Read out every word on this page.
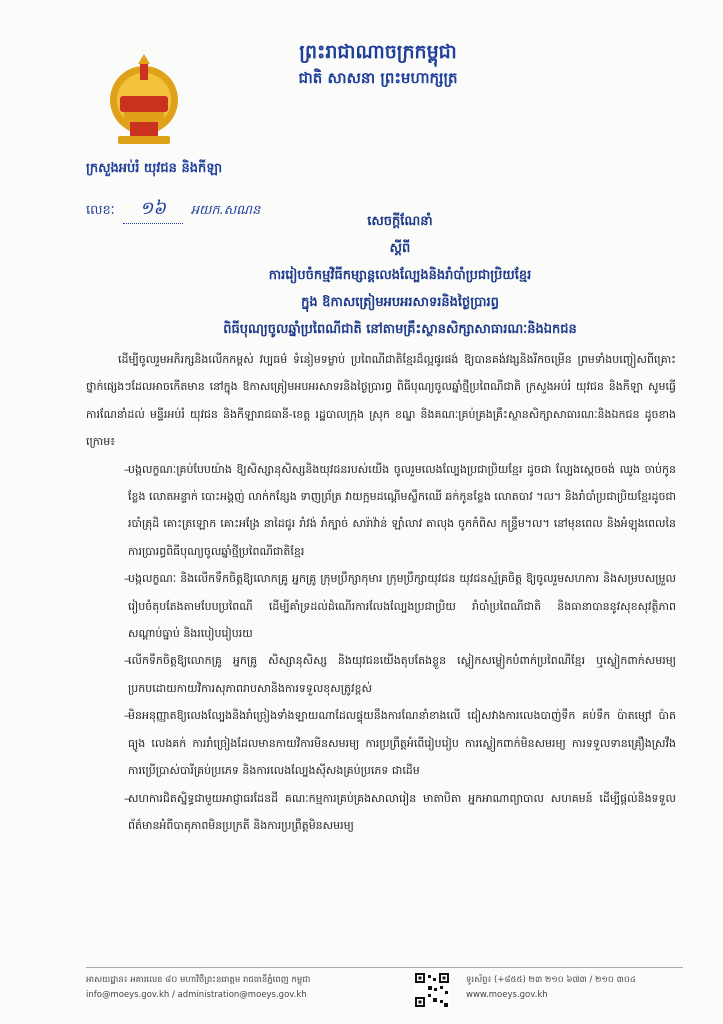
ព្រះរាជាណាចក្រកម្ពុជា
ជាតិ សាសនា ព្រះមហាក្សត្រ
ក្រសួងអប់រំ យុវជន និងកីឡា
លេខៈ	១៦	អយក.សណន
សេចក្ដីណែនាំ
ស្ដីពី
ការរៀបចំកម្មវិធីកម្សាន្តលេងល្បែងនិងរាំបាំប្រជាប្រិយខ្មែរ
ក្នុង ឱកាសត្រៀមអបអរសាទរនិងថ្ងៃប្រារព្ធ
ពិធីបុណ្យចូលឆ្នាំប្រពៃណីជាតិ នៅតាមគ្រឹះស្ថានសិក្សាសាធារណៈនិងឯកជន

ដើម្បីចូលរួមអភិរក្សនិងលើកកម្ពស់ វប្បធម៌ ទំនៀមទម្លាប់ ប្រពៃណីជាតិខ្មែរដ៏ល្អផូរផង់ ឱ្យបានគង់វង្សនិងរីកចម្រើន ព្រមទាំងបញ្ចៀសពីគ្រោះថ្នាក់ផ្សេងៗដែលអាចកើតមាន នៅក្នុង ឱកាសត្រៀមអបអរសាទរនិងថ្ងៃប្រារព្ធ ពិធីបុណ្យចូលឆ្នាំថ្មីប្រពៃណីជាតិ ក្រសួងអប់រំ យុវជន និងកីឡា សូមធ្វើការណែនាំដល់ មន្ទីរអប់រំ យុវជន និងកីឡារាជធានី-ខេត្ត រដ្ឋបាលក្រុង ស្រុក ខណ្ឌ និងគណៈគ្រប់គ្រងគ្រឹះស្ថានសិក្សាសាធារណៈនិងឯកជន ដូចខាងក្រោម៖

–
បង្កលក្ខណៈគ្រប់បែបយ៉ាង ឱ្យសិស្សានុសិស្សនិងយុវជនរបស់យើង ចូលរួមលេងល្បែងប្រជាប្រិយខ្មែរ ដូចជា ល្បែងស្ដេចចង់ ឈូង ចាប់កូនខ្លែង លោតអន្ទាក់ បោះអង្គញ់ លាក់កន្សែង ទាញព្រ័ត្រ វាយក្អមដណ្ដើមស្លឹកឈើ ឆក់កូនខ្លែង លោតបាវ ។ល។ និងរាំបាំប្រជាប្រិយខ្មែរដូចជា របាំត្រុដិ គោះត្រឡោក គោះអង្រែ នាដៃជូរ រាំវង់ រាំក្បាច់ សារ៉ាវ៉ាន់ ឡាំលាវ តាលុង ចូកកំពិស កន្ទ្រឹម។ល។ នៅមុនពេល និងអំឡុងពេលនៃការប្រារព្ធពិធីបុណ្យចូលឆ្នាំថ្មីប្រពៃណីជាតិខ្មែរ
–
បង្កលក្ខណៈ និងលើកទឹកចិត្តឱ្យលោកគ្រូ អ្នកគ្រូ ក្រុមប្រឹក្សាកុមារ ក្រុមប្រឹក្សាយុវជន យុវជនស្ម័គ្រចិត្ត ឱ្យចូលរួមសហការ និងសម្របសម្រួល រៀបចំតុបតែងតាមបែបប្រពៃណី ដើម្បីគាំទ្រដល់ដំណើរការលែងល្បែងប្រជាប្រិយ រាំបាំប្រពៃណីជាតិ និងធានាបាននូវសុខសុវត្ថិភាព សណ្ដាប់ធ្នាប់ និងរបៀបរៀបរយ
–
លើកទឹកចិត្តឱ្យលោកគ្រូ អ្នកគ្រូ សិស្សានុសិស្ស និងយុវជនយើងតុបតែងខ្លួន ស្លៀកសម្លៀកបំពាក់ប្រពៃណីខ្មែរ ឬស្លៀកពាក់សមរម្យ ប្រកបដោយកាយវិការសុភាពរាបសានិងការទទួលខុសត្រូវខ្ពស់
–
មិនអនុញ្ញាតឱ្យលេងល្បែងនិងរាំច្រៀងទាំងឡាយណាដែលផ្ទុយនឹងការណែនាំខាងលើ ជៀសវាងការលេងបាញ់ទឹក គប់ទឹក ប៉ាតម្សៅ ប៉ាតធ្យូង លេងគក់ ការរាំច្រៀងដែលមានកាយវិការមិនសមរម្យ ការប្រព្រឹត្តអំពើរៀបរៀប ការស្លៀកពាក់មិនសមរម្យ ការទទួលទានគ្រឿងស្រវឹង ការប្រើប្រាស់បារីគ្រប់ប្រភេទ និងការលេងល្បែងស៊ីសងគ្រប់ប្រភេទ ជាដើម
–
សហការជិតស្និទ្ធជាមួយអាជ្ញាធរដែនដី គណៈកម្មការគ្រប់គ្រងសាលារៀន មាតាបិតា អ្នកអាណាព្យាបាល សហគមន៍ ដើម្បីផ្ដល់និងទទួលព័ត៌មានអំពីបាតុភាពមិនប្រក្រតី និងការប្រព្រឹត្តមិនសមរម្យ
អាសយដ្ឋាន៖ អគារលេខ ៨០ មហាវិថីព្រះនរោត្តម រាជធានីភ្នំពេញ កម្ពុជា
info@moeys.gov.kh / administration@moeys.gov.kh
ទូរស័ព្ទ៖ (+៨៥៥) ២៣ ២១០ ៦៧៣ / ២១០ ៣០៤
www.moeys.gov.kh
